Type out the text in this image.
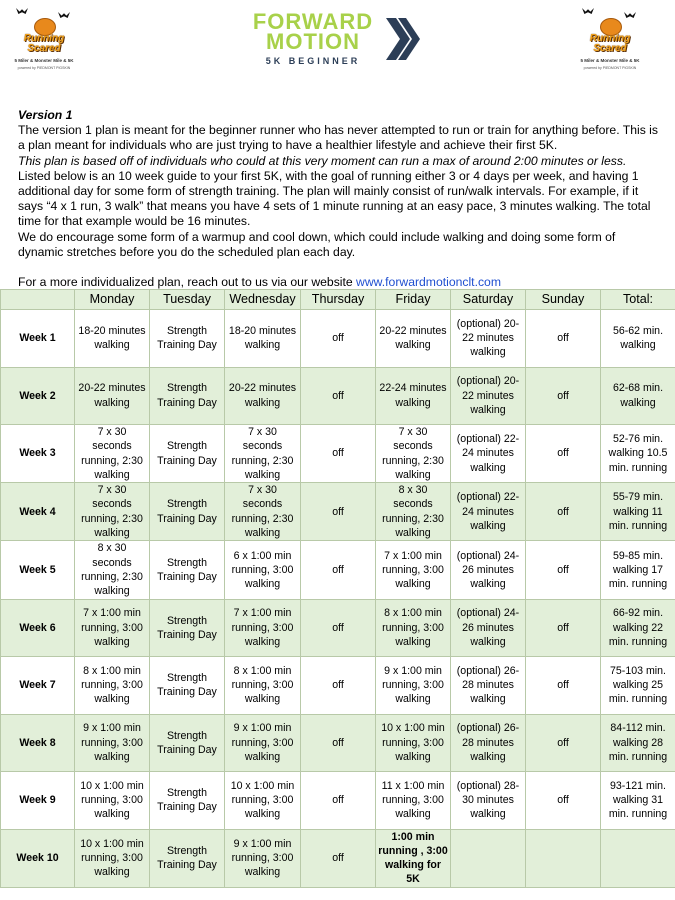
Running
Scared
5 Miler & Monster Mile & 5K
powered by PIEDMONT PIGSKIN
FORWARD
MOTION
5K BEGINNER
Running
Scared
5 Miler & Monster Mile & 5K
powered by PIEDMONT PIGSKIN

Version 1

The version 1 plan is meant for the beginner runner who has never attempted to run or train for anything before. This is a plan meant for individuals who are just trying to have a healthier lifestyle and achieve their first 5K.

This plan is based off of individuals who could at this very moment can run a max of around 2:00 minutes or less.

Listed below is an 10 week guide to your first 5K, with the goal of running either 3 or 4 days per week, and having 1 additional day for some form of strength training. The plan will mainly consist of run/walk intervals. For example, if it says “4 x 1 run, 3 walk” that means you have 4 sets of 1 minute running at an easy pace, 3 minutes walking. The total time for that example would be 16 minutes.

We do encourage some form of a warmup and cool down, which could include walking and doing some form of dynamic stretches before you do the scheduled plan each day.

For a more individualized plan, reach out to us via our website www.forwardmotionclt.com

	Monday	Tuesday	Wednesday	Thursday	Friday	Saturday	Sunday	Total:
Week 1	18-20 minutes walking	Strength Training Day	18-20 minutes walking	off	20-22 minutes walking	(optional) 20-22 minutes walking	off	56-62 min. walking
Week 2	20-22 minutes walking	Strength Training Day	20-22 minutes walking	off	22-24 minutes walking	(optional) 20-22 minutes walking	off	62-68 min. walking
Week 3	7 x 30 seconds running, 2:30 walking	Strength Training Day	7 x 30 seconds running, 2:30 walking	off	7 x 30 seconds running, 2:30 walking	(optional) 22-24 minutes walking	off	52-76 min. walking 10.5 min. running
Week 4	7 x 30 seconds running, 2:30 walking	Strength Training Day	7 x 30 seconds running, 2:30 walking	off	8 x 30 seconds running, 2:30 walking	(optional) 22-24 minutes walking	off	55-79 min. walking 11 min. running
Week 5	8 x 30 seconds running, 2:30 walking	Strength Training Day	6 x 1:00 min running, 3:00 walking	off	7 x 1:00 min running, 3:00 walking	(optional) 24-26 minutes walking	off	59-85 min. walking 17 min. running
Week 6	7 x 1:00 min running, 3:00 walking	Strength Training Day	7 x 1:00 min running, 3:00 walking	off	8 x 1:00 min running, 3:00 walking	(optional) 24-26 minutes walking	off	66-92 min. walking 22 min. running
Week 7	8 x 1:00 min running, 3:00 walking	Strength Training Day	8 x 1:00 min running, 3:00 walking	off	9 x 1:00 min running, 3:00 walking	(optional) 26-28 minutes walking	off	75-103 min. walking 25 min. running
Week 8	9 x 1:00 min running, 3:00 walking	Strength Training Day	9 x 1:00 min running, 3:00 walking	off	10 x 1:00 min running, 3:00 walking	(optional) 26-28 minutes walking	off	84-112 min. walking 28 min. running
Week 9	10 x 1:00 min running, 3:00 walking	Strength Training Day	10 x 1:00 min running, 3:00 walking	off	11 x 1:00 min running, 3:00 walking	(optional) 28-30 minutes walking	off	93-121 min. walking 31 min. running
Week 10	10 x 1:00 min running, 3:00 walking	Strength Training Day	9 x 1:00 min running, 3:00 walking	off	1:00 min running , 3:00 walking for 5K			
